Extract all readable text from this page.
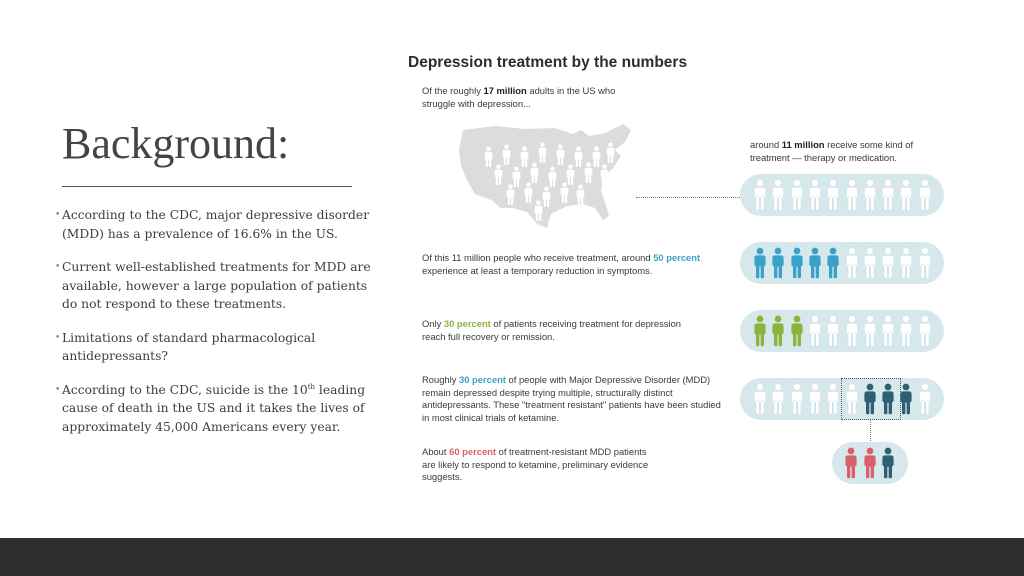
Background:
• According to the CDC, major depressive disorder (MDD) has a prevalence of 16.6% in the US.
• Current well-established treatments for MDD are available, however a large population of patients do not respond to these treatments.
• Limitations of standard pharmacological antidepressants?
• According to the CDC, suicide is the 10th leading cause of death in the US and it takes the lives of approximately 45,000 Americans every year.
Depression treatment by the numbers
Of the roughly 17 million adults in the US who struggle with depression...
around 11 million receive some kind of treatment — therapy or medication.
Of this 11 million people who receive treatment, around 50 percent experience at least a temporary reduction in symptoms.
Only 30 percent of patients receiving treatment for depression reach full recovery or remission.
Roughly 30 percent of people with Major Depressive Disorder (MDD) remain depressed despite trying multiple, structurally distinct antidepressants. These "treatment resistant" patients have been studied in most clinical trials of ketamine.
About 60 percent of treatment-resistant MDD patients are likely to respond to ketamine, preliminary evidence suggests.
